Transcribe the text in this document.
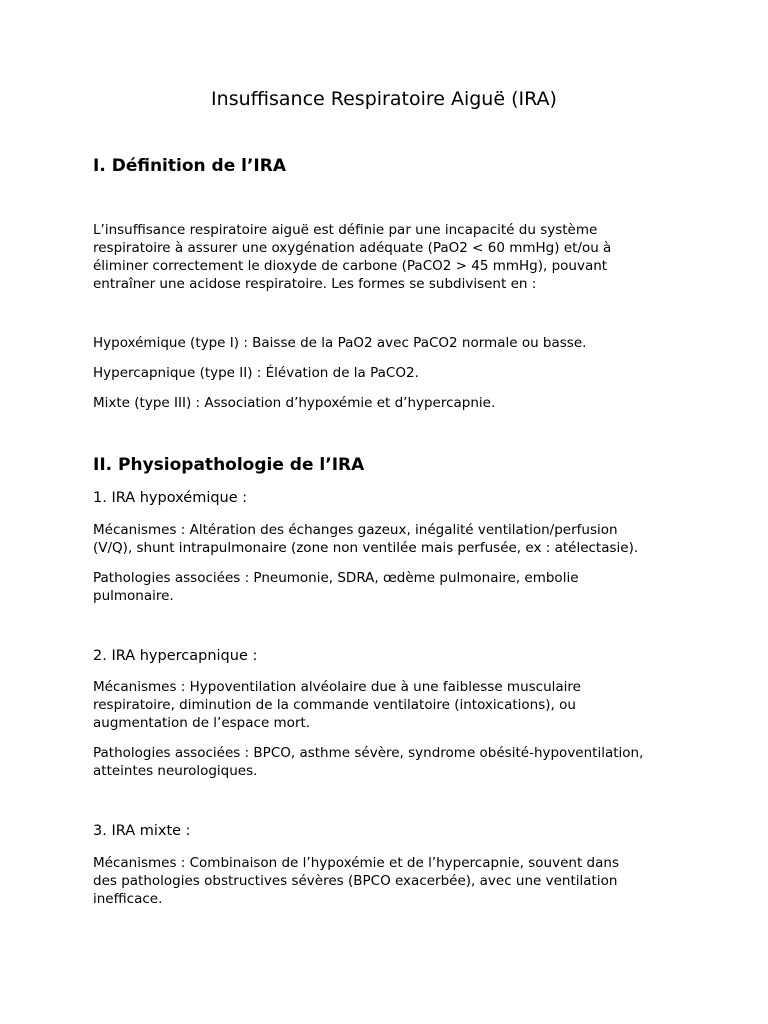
Insuffisance Respiratoire Aiguë (IRA)
I. Définition de l’IRA
L’insuffisance respiratoire aiguë est définie par une incapacité du système
respiratoire à assurer une oxygénation adéquate (PaO2 < 60 mmHg) et/ou à
éliminer correctement le dioxyde de carbone (PaCO2 > 45 mmHg), pouvant
entraîner une acidose respiratoire. Les formes se subdivisent en :

Hypoxémique (type I) : Baisse de la PaO2 avec PaCO2 normale ou basse.

Hypercapnique (type II) : Élévation de la PaCO2.

Mixte (type III) : Association d’hypoxémie et d’hypercapnie.

II. Physiopathologie de l’IRA
1. IRA hypoxémique :
Mécanismes : Altération des échanges gazeux, inégalité ventilation/perfusion
(V/Q), shunt intrapulmonaire (zone non ventilée mais perfusée, ex : atélectasie).
Pathologies associées : Pneumonie, SDRA, œdème pulmonaire, embolie
pulmonaire.
2. IRA hypercapnique :
Mécanismes : Hypoventilation alvéolaire due à une faiblesse musculaire
respiratoire, diminution de la commande ventilatoire (intoxications), ou
augmentation de l’espace mort.
Pathologies associées : BPCO, asthme sévère, syndrome obésité-hypoventilation,
atteintes neurologiques.
3. IRA mixte :
Mécanismes : Combinaison de l’hypoxémie et de l’hypercapnie, souvent dans
des pathologies obstructives sévères (BPCO exacerbée), avec une ventilation
inefficace.
